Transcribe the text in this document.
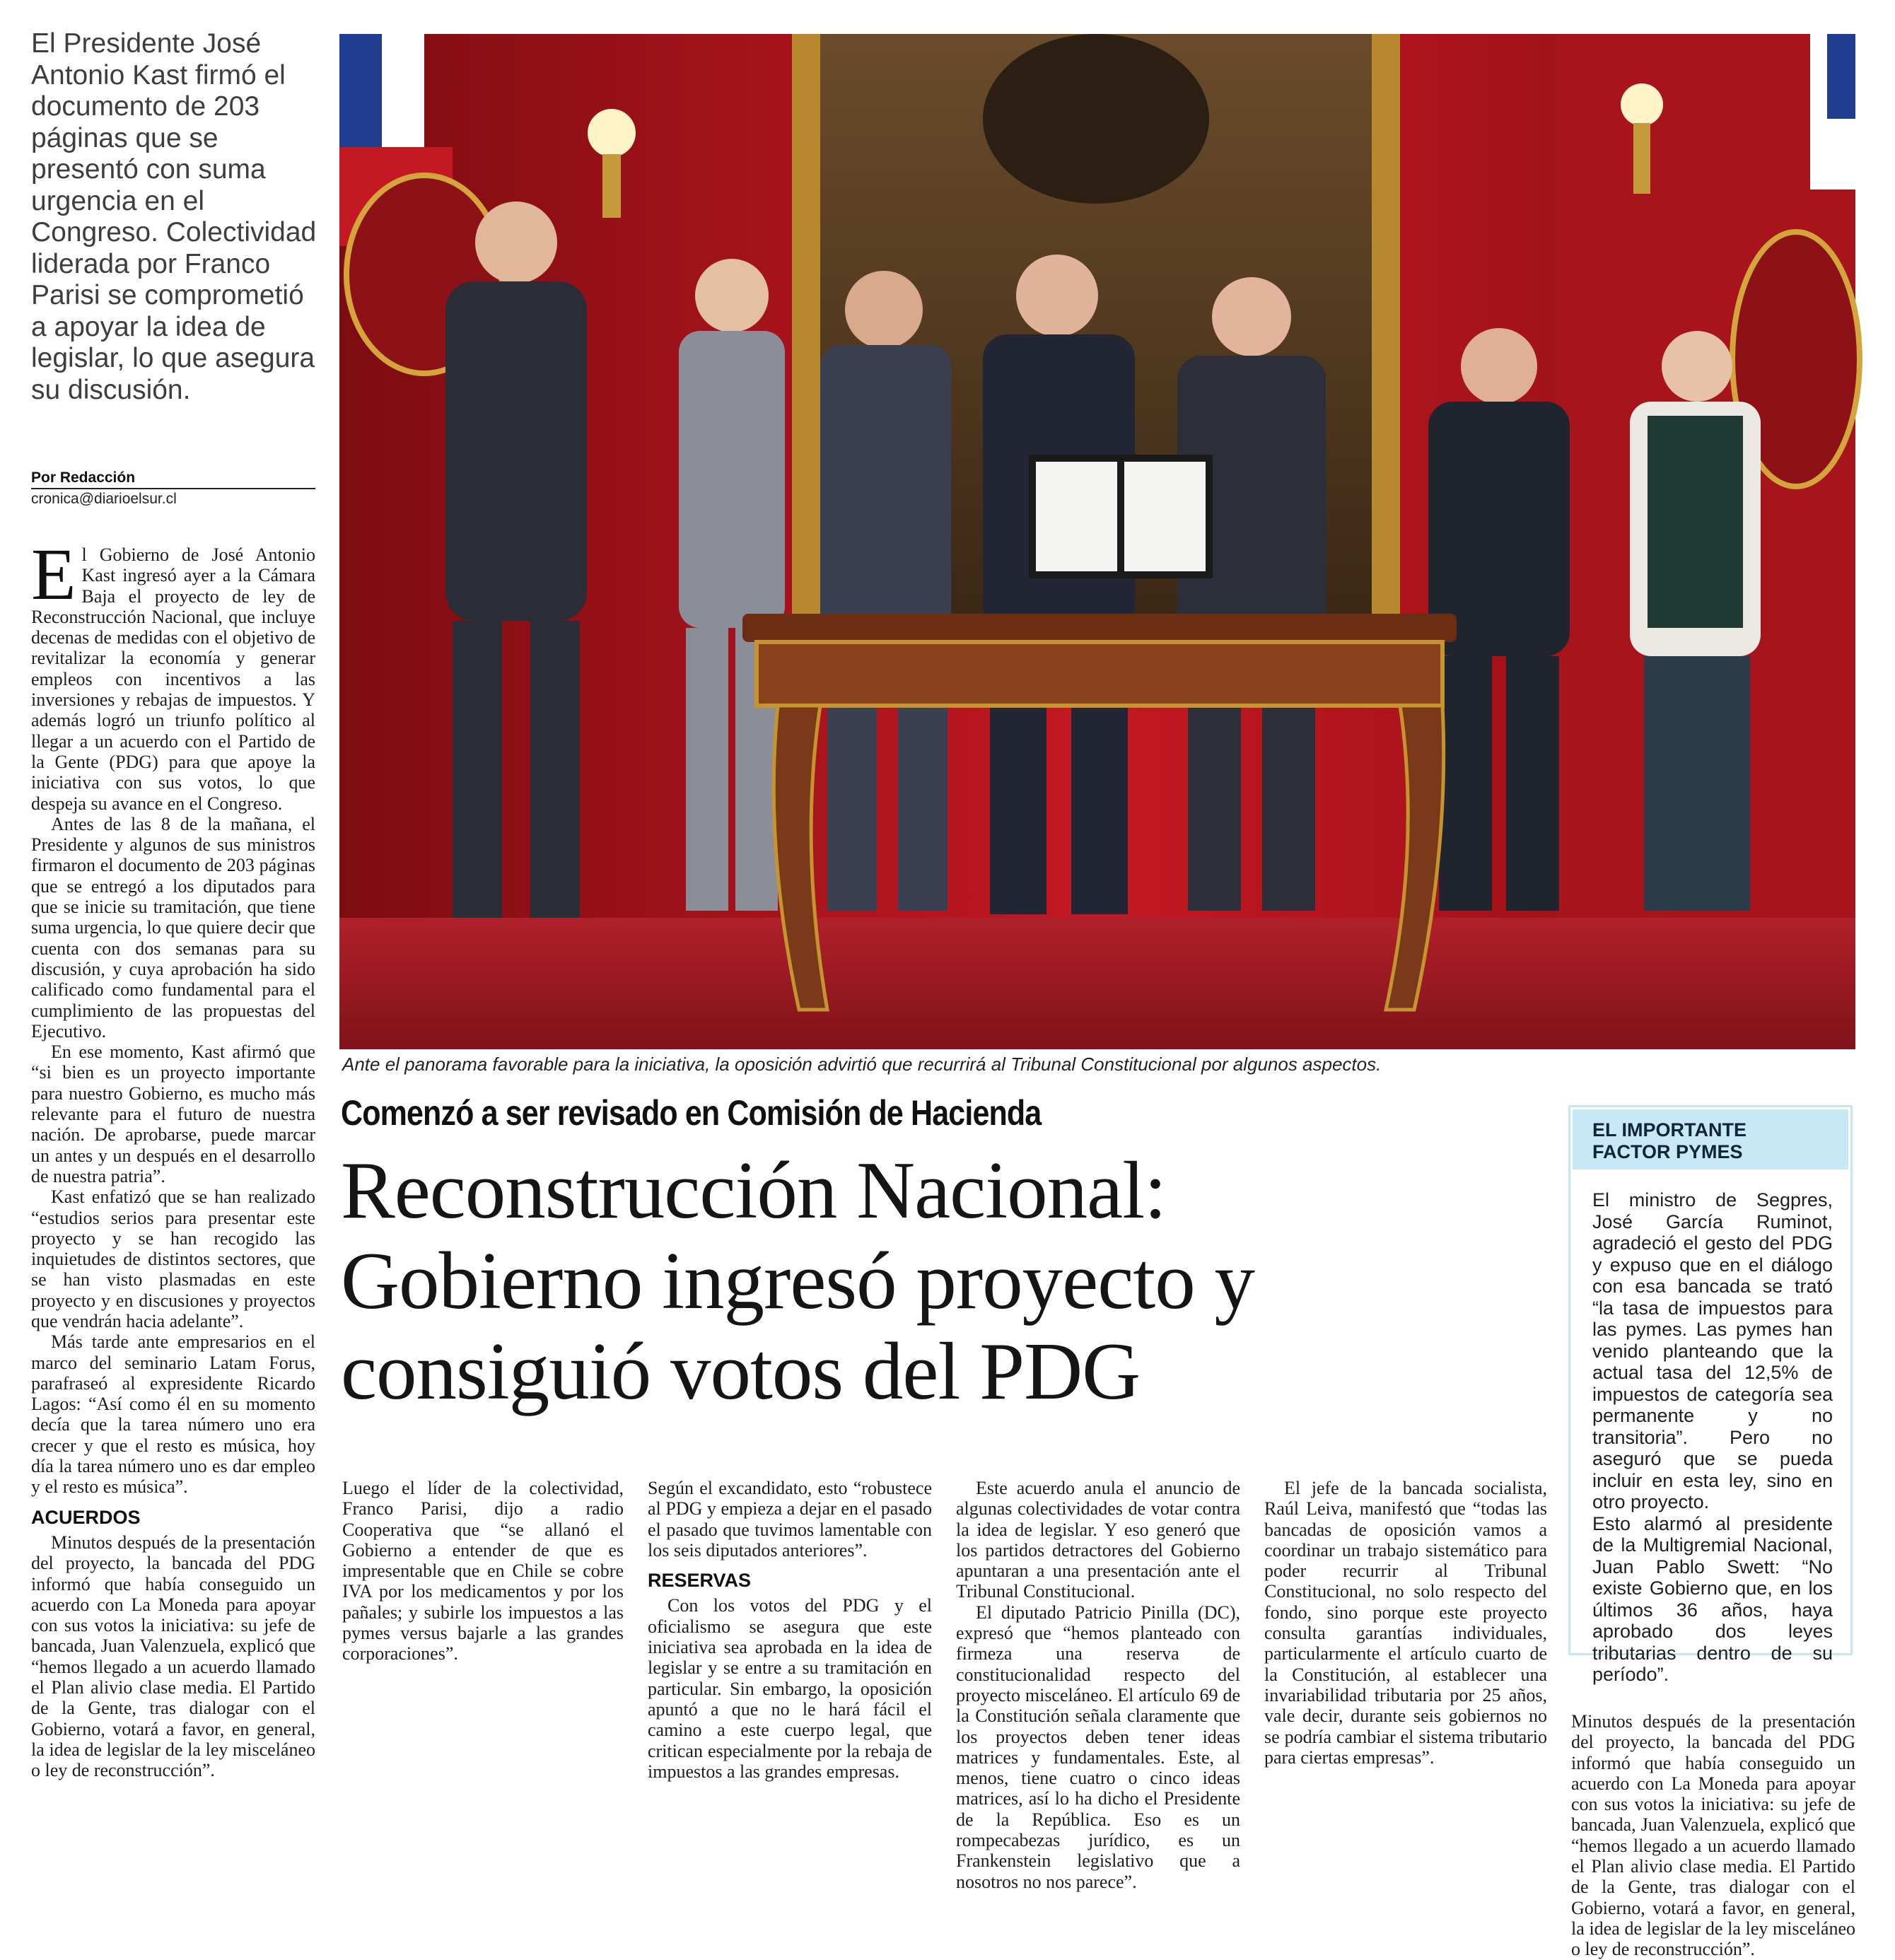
El Presidente José Antonio Kast firmó el documento de 203 páginas que se presentó con suma urgencia en el Congreso. Colectividad liderada por Franco Parisi se comprometió a apoyar la idea de legislar, lo que asegura su discusión.
Por Redacción
cronica@diarioelsur.cl

El Gobierno de José Antonio Kast ingresó ayer a la Cámara Baja el proyecto de ley de Reconstrucción Nacional, que incluye decenas de medidas con el objetivo de revitalizar la economía y generar empleos con incentivos a las inversiones y rebajas de impuestos. Y además logró un triunfo político al llegar a un acuerdo con el Partido de la Gente (PDG) para que apoye la iniciativa con sus votos, lo que despeja su avance en el Congreso.

Antes de las 8 de la mañana, el Presidente y algunos de sus ministros firmaron el documento de 203 páginas que se entregó a los diputados para que se inicie su tramitación, que tiene suma urgencia, lo que quiere decir que cuenta con dos semanas para su discusión, y cuya aprobación ha sido calificado como fundamental para el cumplimiento de las propuestas del Ejecutivo.

En ese momento, Kast afirmó que “si bien es un proyecto importante para nuestro Gobierno, es mucho más relevante para el futuro de nuestra nación. De aprobarse, puede marcar un antes y un después en el desarrollo de nuestra patria”.

Kast enfatizó que se han realizado “estudios serios para presentar este proyecto y se han recogido las inquietudes de distintos sectores, que se han visto plasmadas en este proyecto y en discusiones y proyectos que vendrán hacia adelante”.

Más tarde ante empresarios en el marco del seminario Latam Forus, parafraseó al expresidente Ricardo Lagos: “Así como él en su momento decía que la tarea número uno era crecer y que el resto es música, hoy día la tarea número uno es dar empleo y el resto es música”.

ACUERDOS

Minutos después de la presentación del proyecto, la bancada del PDG informó que había conseguido un acuerdo con La Moneda para apoyar con sus votos la iniciativa: su jefe de bancada, Juan Valenzuela, explicó que “hemos llegado a un acuerdo llamado el Plan alivio clase media. El Partido de la Gente, tras dialogar con el Gobierno, votará a favor, en general, la idea de legislar de la ley misceláneo o ley de reconstrucción”.

Ante el panorama favorable para la iniciativa, la oposición advirtió que recurrirá al Tribunal Constitucional por algunos aspectos.
Comenzó a ser revisado en Comisión de Hacienda
Reconstrucción Nacional:
Gobierno ingresó proyecto y
consiguió votos del PDG

Luego el líder de la colectividad, Franco Parisi, dijo a radio Cooperativa que “se allanó el Gobierno a entender de que es impresentable que en Chile se cobre IVA por los medicamentos y por los pañales; y subirle los impuestos a las pymes versus bajarle a las grandes corporaciones”.

Según el excandidato, esto “robustece al PDG y empieza a dejar en el pasado el pasado que tuvimos lamentable con los seis diputados anteriores”.

RESERVAS

Con los votos del PDG y el oficialismo se asegura que este iniciativa sea aprobada en la idea de legislar y se entre a su tramitación en particular. Sin embargo, la oposición apuntó a que no le hará fácil el camino a este cuerpo legal, que critican especialmente por la rebaja de impuestos a las grandes empresas.

Este acuerdo anula el anuncio de algunas colectividades de votar contra la idea de legislar. Y eso generó que los partidos detractores del Gobierno apuntaran a una presentación ante el Tribunal Constitucional.

El diputado Patricio Pinilla (DC), expresó que “hemos planteado con firmeza una reserva de constitucionalidad respecto del proyecto misceláneo. El artículo 69 de la Constitución señala claramente que los proyectos deben tener ideas matrices y fundamentales. Este, al menos, tiene cuatro o cinco ideas matrices, así lo ha dicho el Presidente de la República. Eso es un rompecabezas jurídico, es un Frankenstein legislativo que a nosotros no nos parece”.

El jefe de la bancada socialista, Raúl Leiva, manifestó que “todas las bancadas de oposición vamos a coordinar un trabajo sistemático para poder recurrir al Tribunal Constitucional, no solo respecto del fondo, sino porque este proyecto consulta garantías individuales, particularmente el artículo cuarto de la Constitución, al establecer una invariabilidad tributaria por 25 años, vale decir, durante seis gobiernos no se podría cambiar el sistema tributario para ciertas empresas”.

Minutos después de la presentación del proyecto, la bancada del PDG informó que había conseguido un acuerdo con La Moneda para apoyar con sus votos la iniciativa: su jefe de bancada, Juan Valenzuela, explicó que “hemos llegado a un acuerdo llamado el Plan alivio clase media. El Partido de la Gente, tras dialogar con el Gobierno, votará a favor, en general, la idea de legislar de la ley misceláneo o ley de reconstrucción”.

EL IMPORTANTE
FACTOR PYMES

El ministro de Segpres, José García Ruminot, agradeció el gesto del PDG y expuso que en el diálogo con esa bancada se trató “la tasa de impuestos para las pymes. Las pymes han venido planteando que la actual tasa del 12,5% de impuestos de categoría sea permanente y no transitoria”. Pero no aseguró que se pueda incluir en esta ley, sino en otro proyecto.

Esto alarmó al presidente de la Multigremial Nacional, Juan Pablo Swett: “No existe Gobierno que, en los últimos 36 años, haya aprobado dos leyes tributarias dentro de su período”.
